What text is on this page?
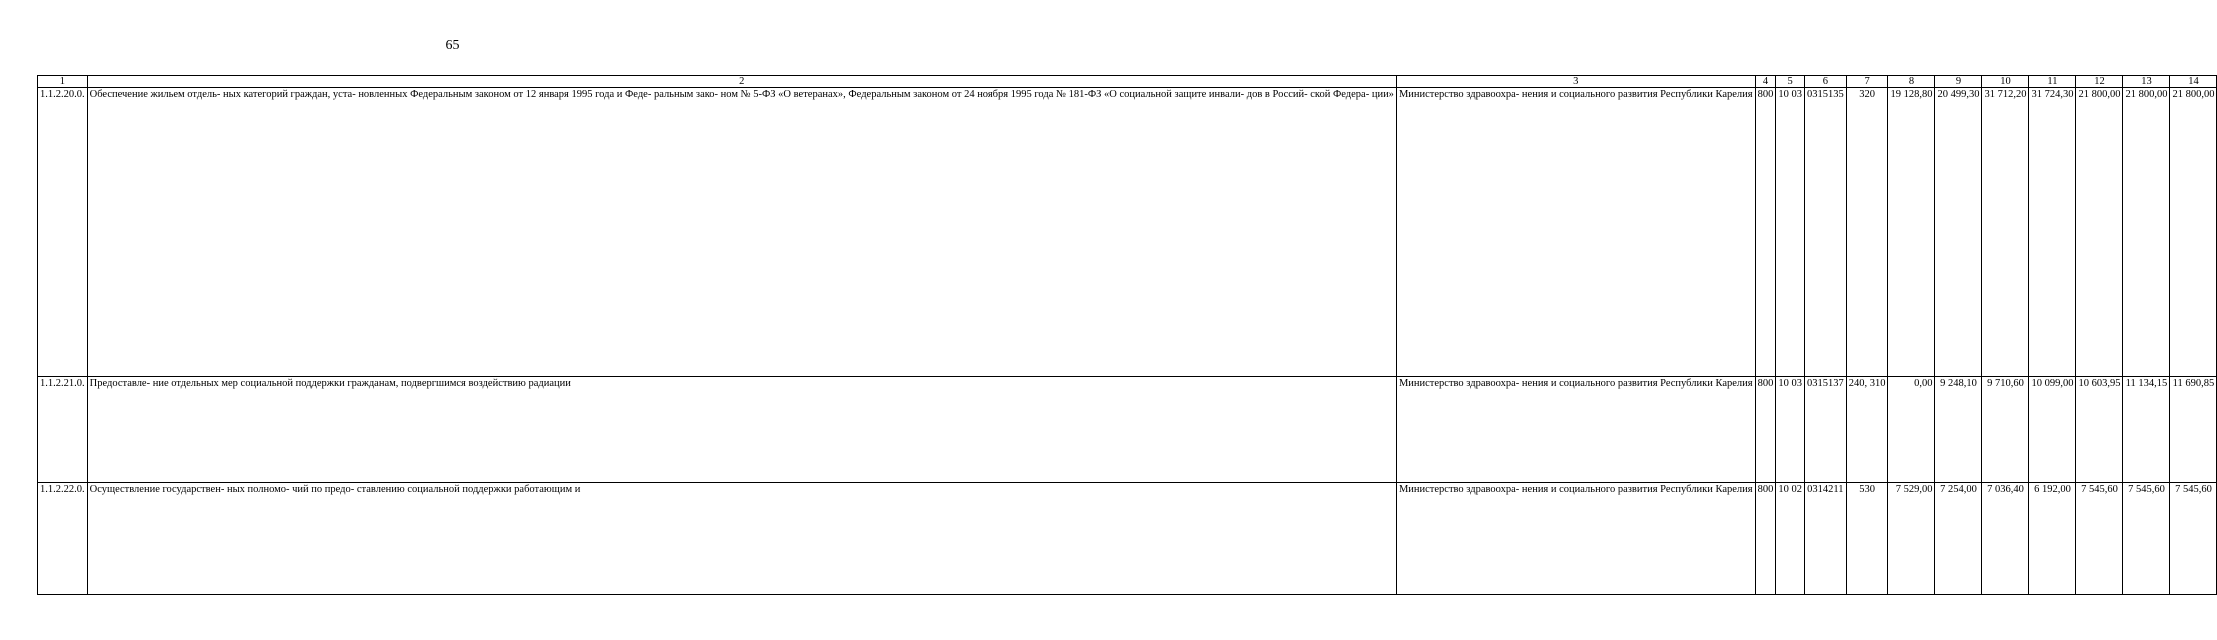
65
1	2	3	4	5	6	7	8	9	10	11	12	13	14
1.1.2.20.0.	Обеспечение жильем отдель- ных категорий граждан, уста- новленных Федеральным законом от 12 января 1995 года и Феде- ральным зако- ном № 5-ФЗ «О ветеранах», Федеральным законом от 24 ноября 1995 года № 181-ФЗ «О социальной защите инвали- дов в Россий- ской Федера- ции»	Министерство здравоохра- нения и социального развития Республики Карелия	800	10 03	0315135	320	19 128,80	20 499,30	31 712,20	31 724,30	21 800,00	21 800,00	21 800,00
1.1.2.21.0.	Предоставле- ние отдельных мер социальной поддержки гражданам, подвергшимся воздействию радиации	Министерство здравоохра- нения и социального развития Республики Карелия	800	10 03	0315137	240, 310	0,00	9 248,10	9 710,60	10 099,00	10 603,95	11 134,15	11 690,85
1.1.2.22.0.	Осуществление государствен- ных полномо- чий по предо- ставлению социальной поддержки работающим и	Министерство здравоохра- нения и социального развития Республики Карелия	800	10 02	0314211	530	7 529,00	7 254,00	7 036,40	6 192,00	7 545,60	7 545,60	7 545,60
